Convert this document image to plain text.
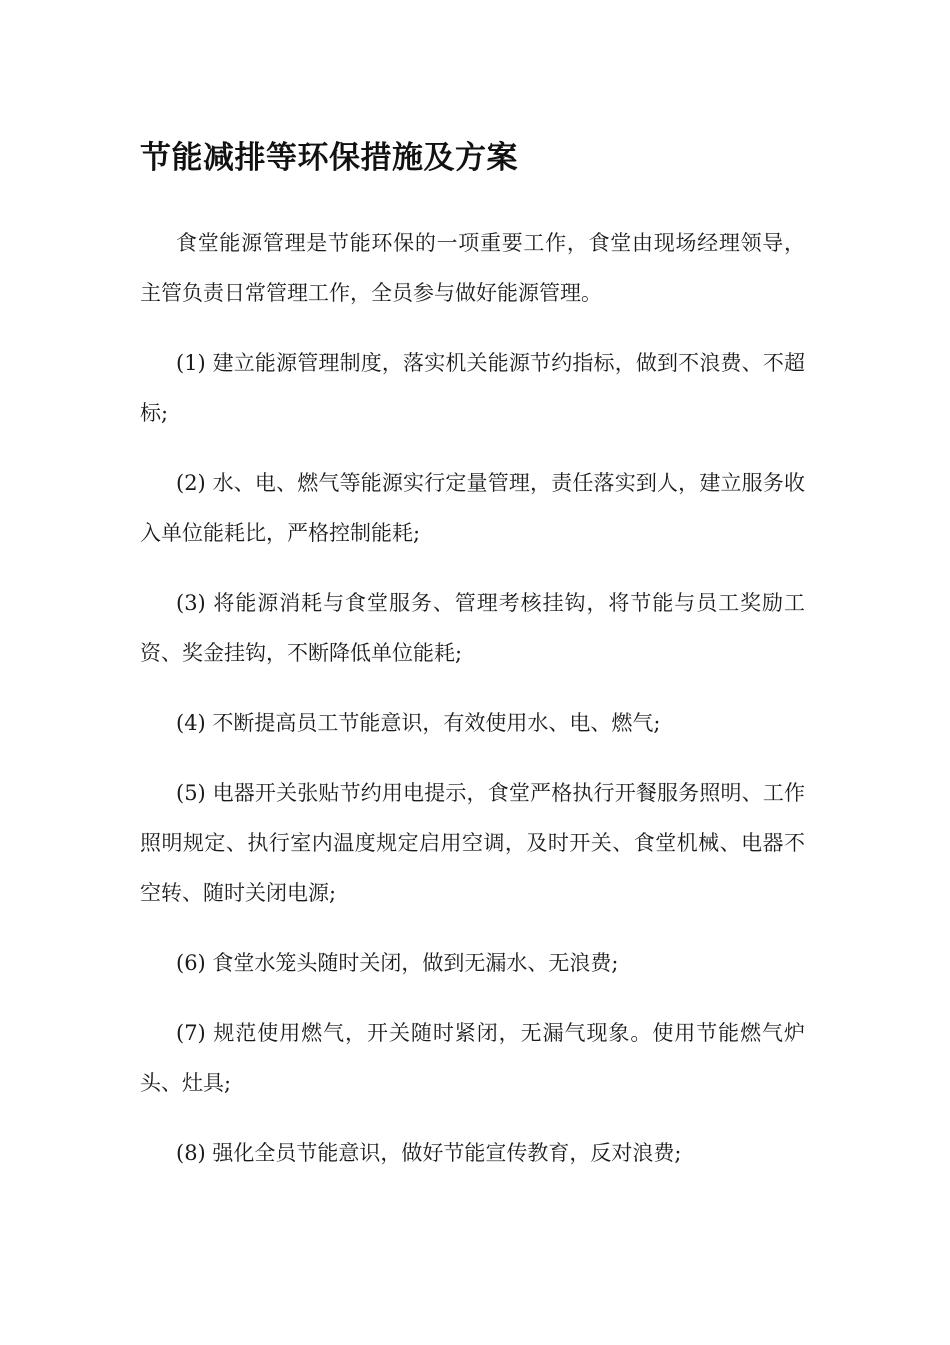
节能减排等环保措施及方案

食堂能源管理是节能环保的一项重要工作，食堂由现场经理领导，主管负责日常管理工作，全员参与做好能源管理。

(1) 建立能源管理制度，落实机关能源节约指标，做到不浪费、不超标;

(2) 水、电、燃气等能源实行定量管理，责任落实到人，建立服务收入单位能耗比，严格控制能耗;

(3) 将能源消耗与食堂服务、管理考核挂钩，将节能与员工奖励工资、奖金挂钩，不断降低单位能耗;

(4) 不断提高员工节能意识，有效使用水、电、燃气;

(5) 电器开关张贴节约用电提示，食堂严格执行开餐服务照明、工作照明规定、执行室内温度规定启用空调，及时开关、食堂机械、电器不空转、随时关闭电源;

(6) 食堂水笼头随时关闭，做到无漏水、无浪费;

(7) 规范使用燃气，开关随时紧闭，无漏气现象。使用节能燃气炉头、灶具;

(8) 强化全员节能意识，做好节能宣传教育，反对浪费;
